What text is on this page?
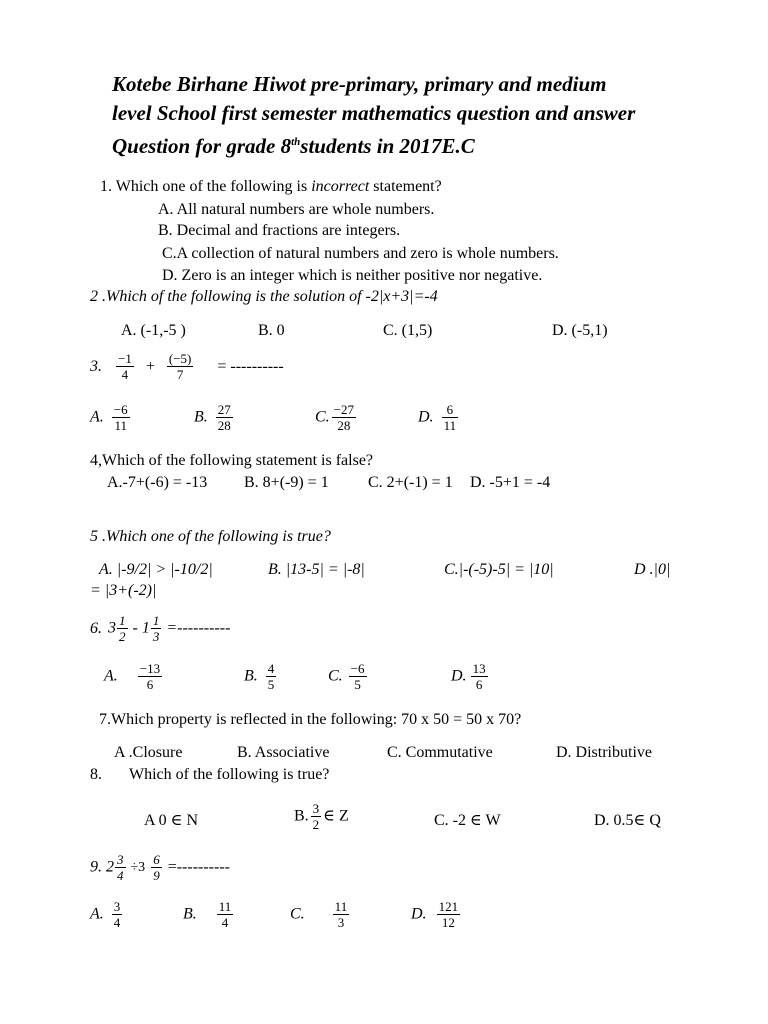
Kotebe Birhane Hiwot pre-primary, primary and medium
level School first semester mathematics question and answer
Question for grade 8thstudents in 2017E.C
1. Which one of the following is incorrect statement?
A. All natural numbers are whole numbers.
B. Decimal and fractions are integers.
C.A collection of natural numbers and zero is whole numbers.
D. Zero is an integer which is neither positive nor negative.
2 .Which of the following is the solution of -2|x+3|=-4
A. (-1,-5 )	B. 0	C. (1,5)	D. (-5,1)
3. $\frac{-1}{4} + \frac{(-5)}{7}$ = ----------
A. $\frac{-6}{11}$	B. $\frac{27}{28}$	C. $\frac{-27}{28}$	D. $\frac{6}{11}$
4,Which of the following statement is false?
A.-7+(-6) = -13 B. 8+(-9) = 1 C. 2+(-1) = 1 D. -5+1 = -4
5 .Which one of the following is true?
A. |-9/2| > |-10/2|	B. |13-5| = |-8|	C.|-(-5)-5| = |10|	D .|0|
= |3+(-2)|
6. $3 \frac{1}{2} - 1 \frac{1}{3}$ =----------
A. $\frac{-13}{6}$	B. $\frac{4}{5}$	C. $\frac{-6}{5}$	D. $\frac{13}{6}$
7.Which property is reflected in the following: 70 x 50 = 50 x 70?
A .Closure	B. Associative	C. Commutative	D. Distributive
8. Which of the following is true?
A 0 ∈ N	B. $\frac{3}{2}$ ∈ Z	C. -2 ∈ W	D. 0.5∈ Q
9. $2 \frac{3}{4} \div 3 \frac{6}{9}$ =----------
A. $\frac{3}{4}$	B. $\frac{11}{4}$	C. $\frac{11}{3}$	D. $\frac{121}{12}$
